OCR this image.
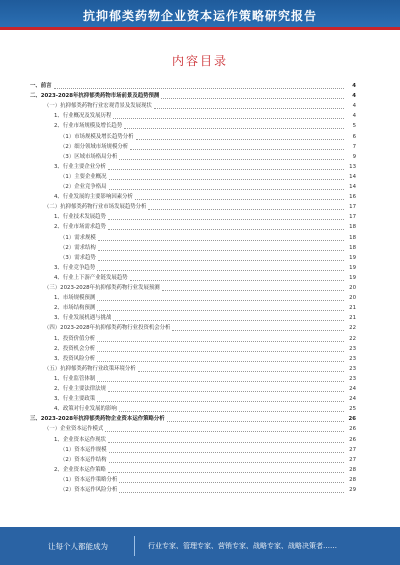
抗抑郁类药物企业资本运作策略研究报告
内容目录
一、前言	4
二、2023-2028年抗抑郁类药物市场前景及趋势预测	4
（一）抗抑郁类药物行业宏观背景及发展现状	4
1、行业概况及发展历程	4
2、行业市场规模及增长趋势	5
（1）市场规模及增长趋势分析	6
（2）细分领域市场规模分析	7
（3）区域市场格局分析	9
3、行业主要企业分析	13
（1）主要企业概况	14
（2）企业竞争格局	14
4、行业发展的主要影响因素分析	16
（二）抗抑郁类药物行业市场发展趋势分析	17
1、行业技术发展趋势	17
2、行业市场需求趋势	18
（1）需求规模	18
（2）需求结构	18
（3）需求趋势	19
3、行业竞争趋势	19
4、行业上下游产业链发展趋势	19
（三）2023-2028年抗抑郁类药物行业发展预测	20
1、市场规模预测	20
2、市场结构预测	21
3、行业发展机遇与挑战	21
（四）2023-2028年抗抑郁类药物行业投资机会分析	22
1、投资价值分析	22
2、投资机会分析	23
3、投资风险分析	23
（五）抗抑郁类药物行业政策环境分析	23
1、行业监管体制	23
2、行业主要法律法规	24
3、行业主要政策	24
4、政策对行业发展的影响	25
三、2023-2028年抗抑郁类药物企业资本运作策略分析	26
（一）企业资本运作模式	26
1、企业资本运作现状	26
（1）资本运作规模	27
（2）资本运作结构	27
2、企业资本运作策略	28
（1）资本运作策略分析	28
（2）资本运作风险分析	29
让每个人都能成为	行业专家、管理专家、营销专家、战略专家、战略决策者……
